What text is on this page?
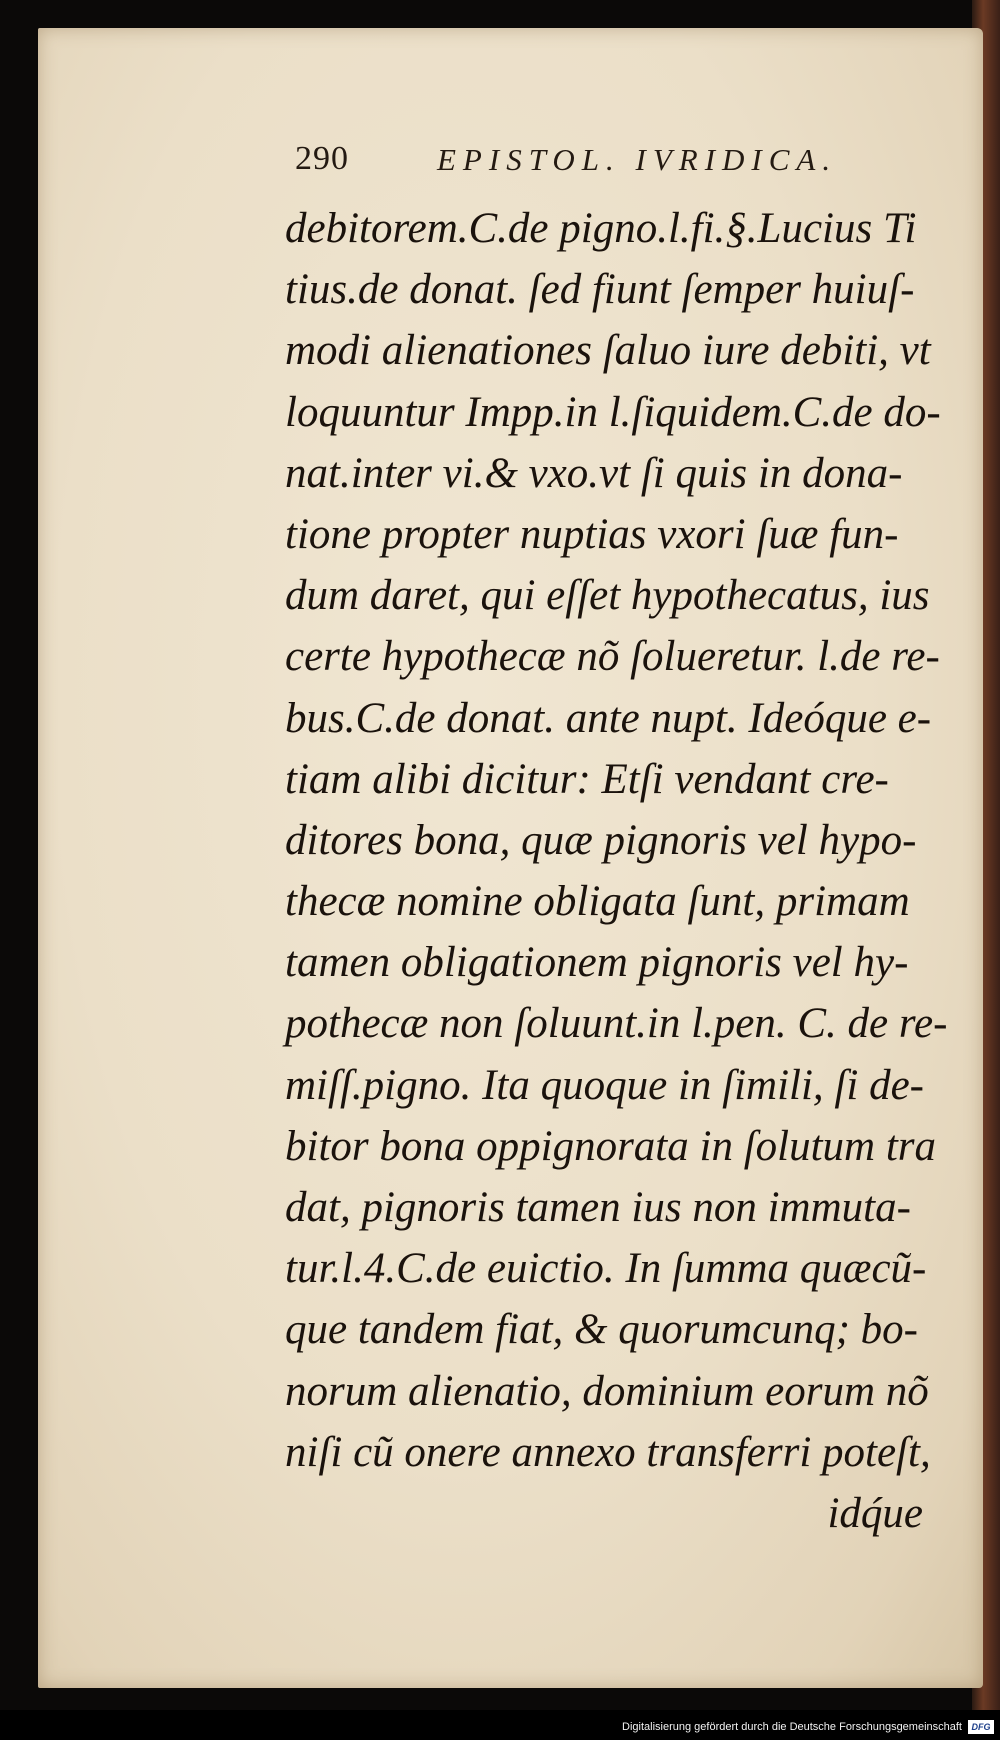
290	EPISTOL. IVRIDICA.
debitorem.C.de pigno.l.fi.§.Lucius Ti
tius.de donat. ſed fiunt ſemper huiuſ-
modi alienationes ſaluo iure debiti, vt
loquuntur Impp.in l.ſiquidem.C.de do-
nat.inter vi.& vxo.vt ſi quis in dona-
tione propter nuptias vxori ſuæ fun-
dum daret, qui eſſet hypothecatus, ius
certe hypothecæ nõ ſolueretur. l.de re-
bus.C.de donat. ante nupt. Ideóque e-
tiam alibi dicitur: Etſi vendant cre-
ditores bona, quæ pignoris vel hypo-
thecæ nomine obligata ſunt, primam
tamen obligationem pignoris vel hy-
pothecæ non ſoluunt.in l.pen. C. de re-
miſſ.pigno. Ita quoque in ſimili, ſi de-
bitor bona oppignorata in ſolutum tra
dat, pignoris tamen ius non immuta-
tur.l.4.C.de euictio. In ſumma quæcũ-
que tandem fiat, & quorumcunq; bo-
norum alienatio, dominium eorum nõ
niſi cũ onere annexo transferri poteſt,
idq́ue
Digitalisierung gefördert durch die Deutsche Forschungsgemeinschaft	DFG
